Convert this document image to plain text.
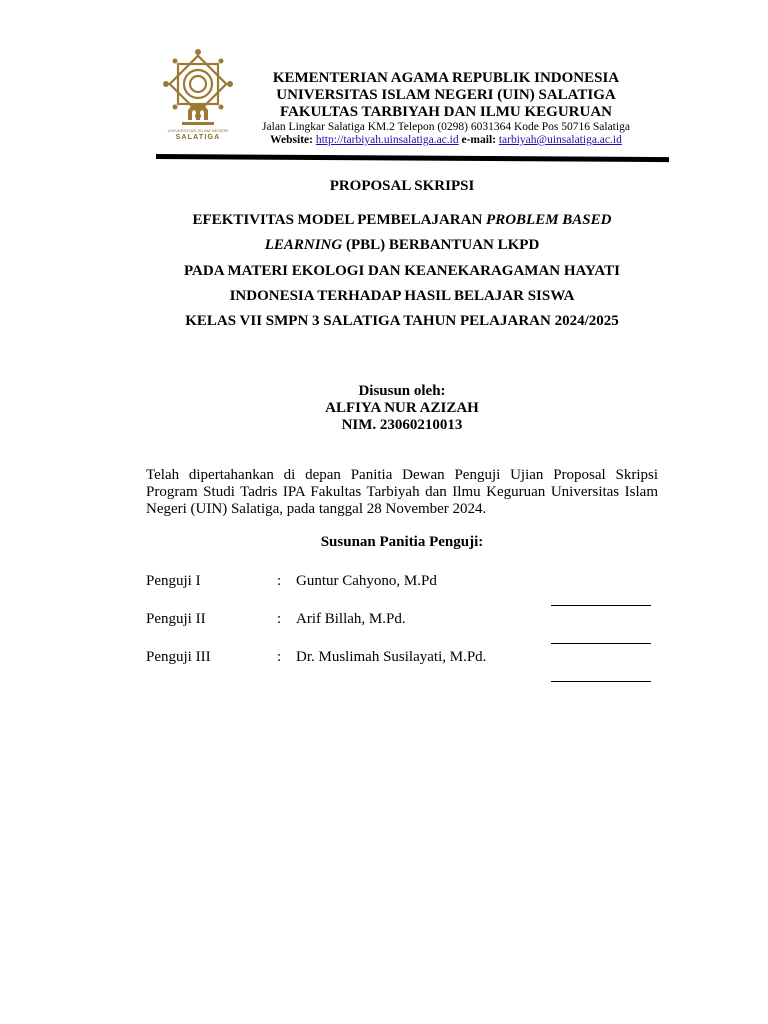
UNIVERSITAS ISLAM NEGERI
SALATIGA
KEMENTERIAN AGAMA REPUBLIK INDONESIA
UNIVERSITAS ISLAM NEGERI (UIN) SALATIGA
FAKULTAS TARBIYAH DAN ILMU KEGURUAN
Jalan Lingkar Salatiga KM.2 Telepon (0298) 6031364 Kode Pos 50716 Salatiga
Website: http://tarbiyah.uinsalatiga.ac.id e-mail: tarbiyah@uinsalatiga.ac.id
PROPOSAL SKRIPSI
EFEKTIVITAS MODEL PEMBELAJARAN PROBLEM BASED
LEARNING (PBL) BERBANTUAN LKPD
PADA MATERI EKOLOGI DAN KEANEKARAGAMAN HAYATI
INDONESIA TERHADAP HASIL BELAJAR SISWA
KELAS VII SMPN 3 SALATIGA TAHUN PELAJARAN 2024/2025
Disusun oleh:
ALFIYA NUR AZIZAH
NIM. 23060210013
Telah dipertahankan di depan Panitia Dewan Penguji Ujian Proposal Skripsi Program Studi Tadris IPA Fakultas Tarbiyah dan Ilmu Keguruan Universitas Islam Negeri (UIN) Salatiga, pada tanggal 28 November 2024.
Susunan Panitia Penguji:
Penguji I	: Guntur Cahyono, M.Pd
Penguji II	: Arif Billah, M.Pd.
Penguji III	: Dr. Muslimah Susilayati, M.Pd.
